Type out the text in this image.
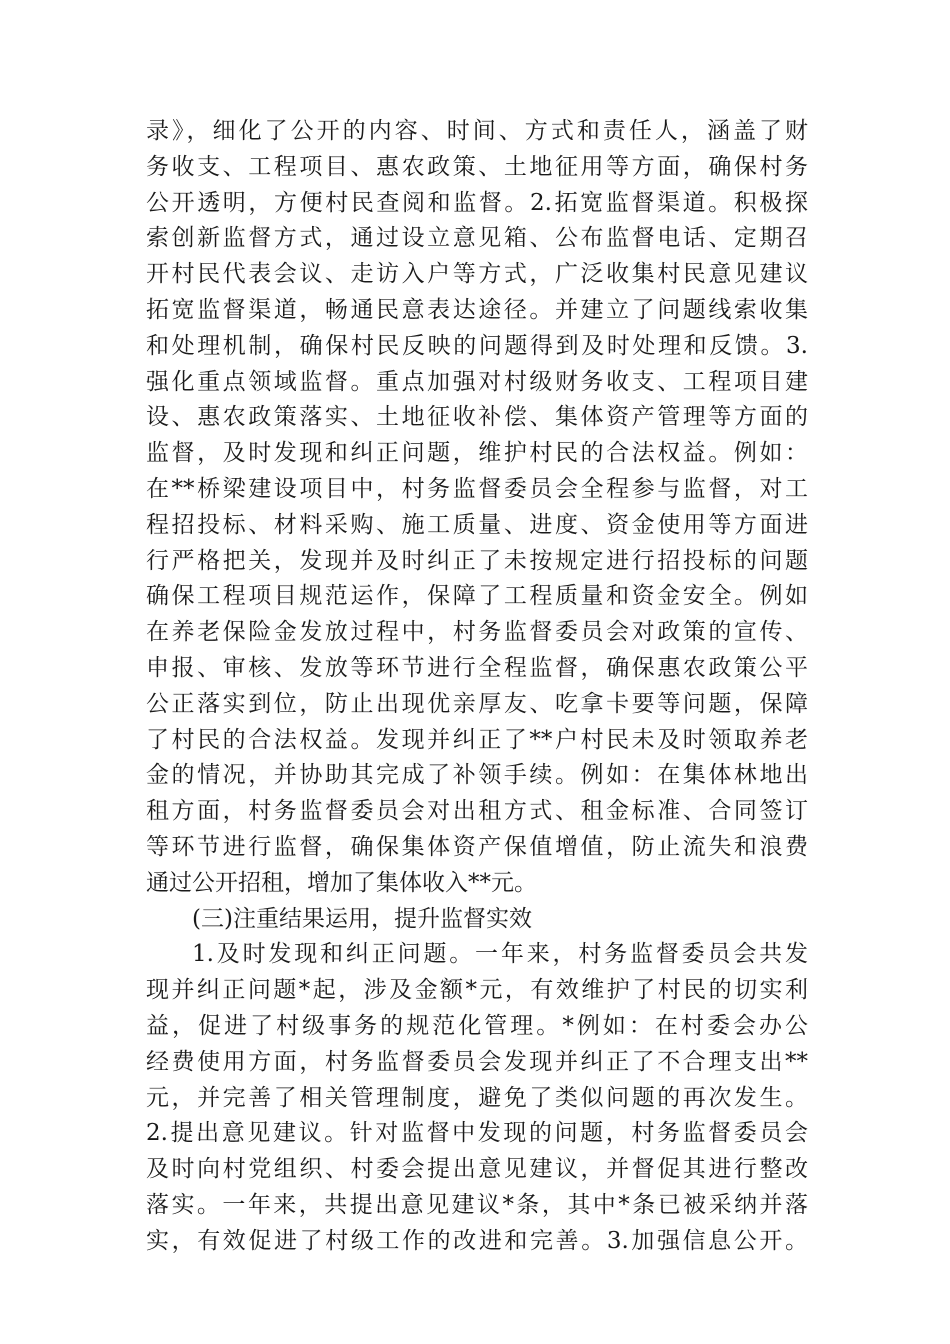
录》，细化了公开的内容、时间、方式和责任人，涵盖了财
务收支、工程项目、惠农政策、土地征用等方面，确保村务
公开透明，方便村民查阅和监督。2.拓宽监督渠道。积极探
索创新监督方式，通过设立意见箱、公布监督电话、定期召
开村民代表会议、走访入户等方式，广泛收集村民意见建议
拓宽监督渠道，畅通民意表达途径。并建立了问题线索收集
和处理机制，确保村民反映的问题得到及时处理和反馈。3.
强化重点领域监督。重点加强对村级财务收支、工程项目建
设、惠农政策落实、土地征收补偿、集体资产管理等方面的
监督，及时发现和纠正问题，维护村民的合法权益。例如：
在**桥梁建设项目中，村务监督委员会全程参与监督，对工
程招投标、材料采购、施工质量、进度、资金使用等方面进
行严格把关，发现并及时纠正了未按规定进行招投标的问题
确保工程项目规范运作，保障了工程质量和资金安全。例如
在养老保险金发放过程中，村务监督委员会对政策的宣传、
申报、审核、发放等环节进行全程监督，确保惠农政策公平
公正落实到位，防止出现优亲厚友、吃拿卡要等问题，保障
了村民的合法权益。发现并纠正了**户村民未及时领取养老
金的情况，并协助其完成了补领手续。例如：在集体林地出
租方面，村务监督委员会对出租方式、租金标准、合同签订
等环节进行监督，确保集体资产保值增值，防止流失和浪费
通过公开招租，增加了集体收入**元。
(三)注重结果运用，提升监督实效
1.及时发现和纠正问题。一年来，村务监督委员会共发
现并纠正问题*起，涉及金额*元，有效维护了村民的切实利
益，促进了村级事务的规范化管理。*例如：在村委会办公
经费使用方面，村务监督委员会发现并纠正了不合理支出**
元，并完善了相关管理制度，避免了类似问题的再次发生。
2.提出意见建议。针对监督中发现的问题，村务监督委员会
及时向村党组织、村委会提出意见建议，并督促其进行整改
落实。一年来，共提出意见建议*条，其中*条已被采纳并落
实，有效促进了村级工作的改进和完善。3.加强信息公开。
